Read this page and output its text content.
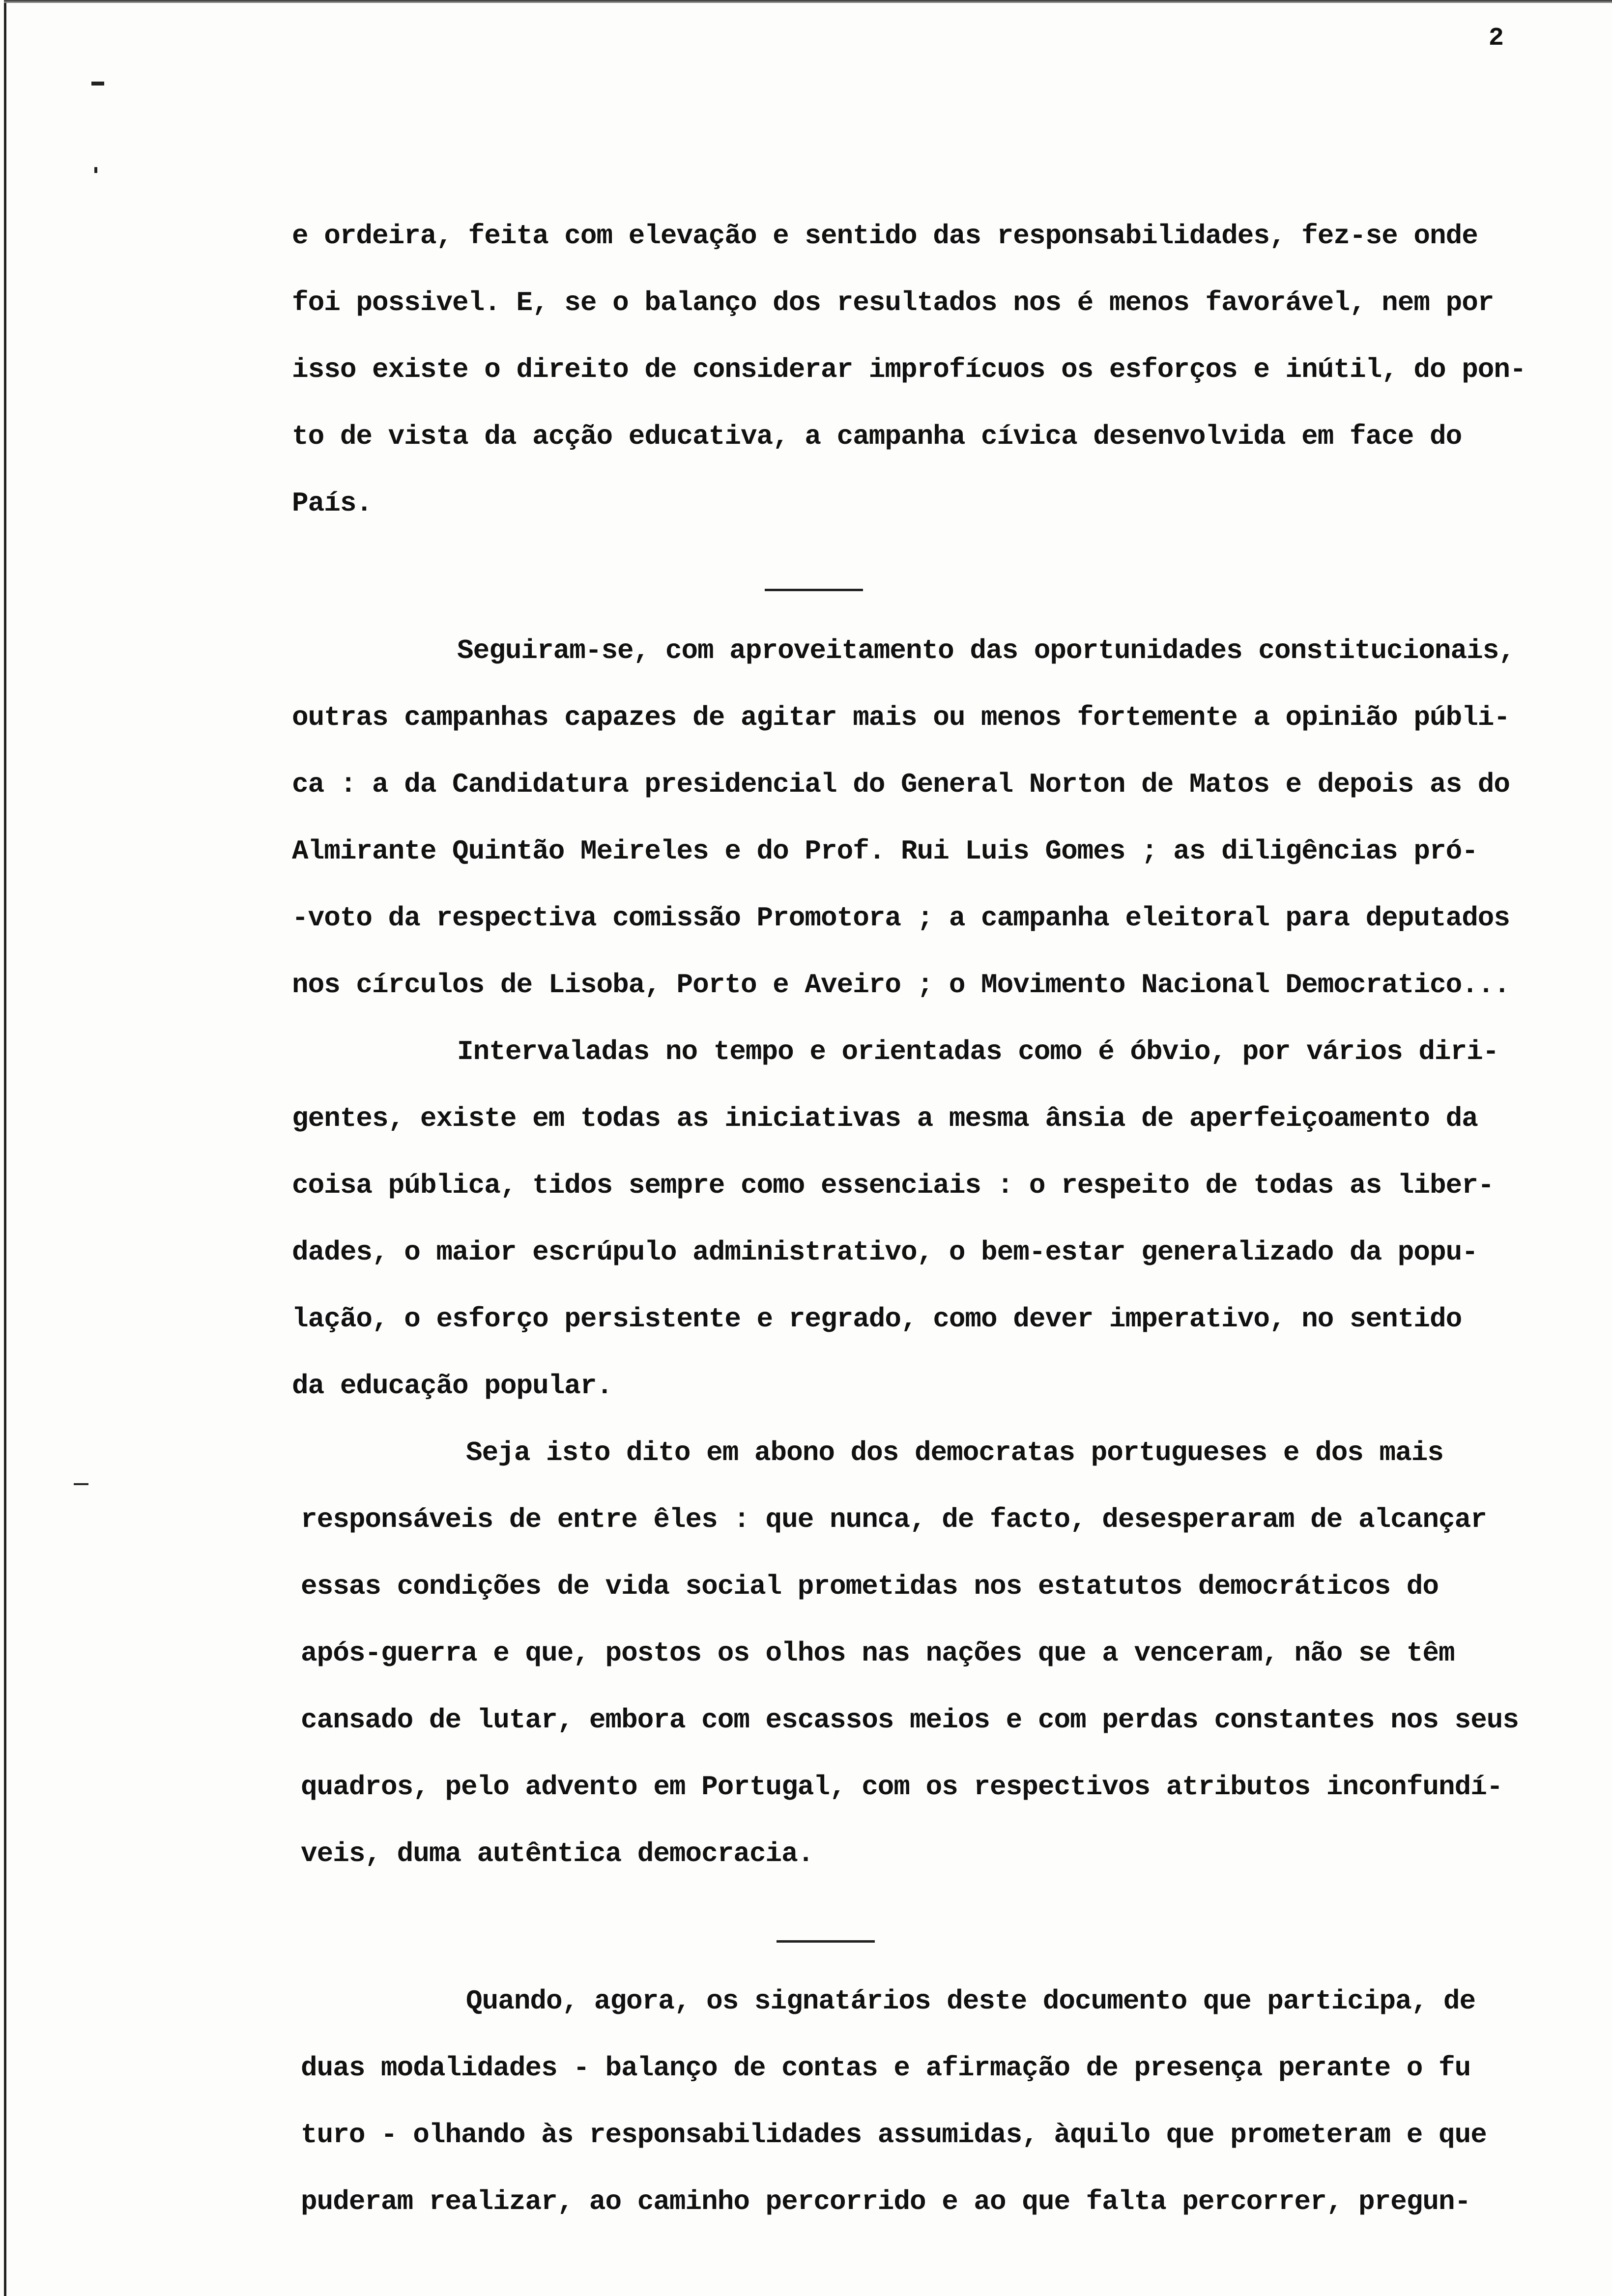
2
e ordeira, feita com elevação e sentido das responsabilidades, fez-se onde
foi possivel. E, se o balanço dos resultados nos é menos favorável, nem por
isso existe o direito de considerar improfícuos os esforços e inútil, do pon-
to de vista da acção educativa, a campanha cívica desenvolvida em face do
País.
Seguiram-se, com aproveitamento das oportunidades constitucionais,
outras campanhas capazes de agitar mais ou menos fortemente a opinião públi-
ca : a da Candidatura presidencial do General Norton de Matos e depois as do
Almirante Quintão Meireles e do Prof. Rui Luis Gomes ; as diligências pró-
-voto da respectiva comissão Promotora ; a campanha eleitoral para deputados
nos círculos de Lisoba, Porto e Aveiro ; o Movimento Nacional Democratico...
Intervaladas no tempo e orientadas como é óbvio, por vários diri-
gentes, existe em todas as iniciativas a mesma ânsia de aperfeiçoamento da
coisa pública, tidos sempre como essenciais : o respeito de todas as liber-
dades, o maior escrúpulo administrativo, o bem-estar generalizado da popu-
lação, o esforço persistente e regrado, como dever imperativo, no sentido
da educação popular.
Seja isto dito em abono dos democratas portugueses e dos mais
responsáveis de entre êles : que nunca, de facto, desesperaram de alcançar
essas condições de vida social prometidas nos estatutos democráticos do
após-guerra e que, postos os olhos nas nações que a venceram, não se têm
cansado de lutar, embora com escassos meios e com perdas constantes nos seus
quadros, pelo advento em Portugal, com os respectivos atributos inconfundí-
veis, duma autêntica democracia.
Quando, agora, os signatários deste documento que participa, de
duas modalidades - balanço de contas e afirmação de presença perante o fu
turo - olhando às responsabilidades assumidas, àquilo que prometeram e que
puderam realizar, ao caminho percorrido e ao que falta percorrer, pregun-
